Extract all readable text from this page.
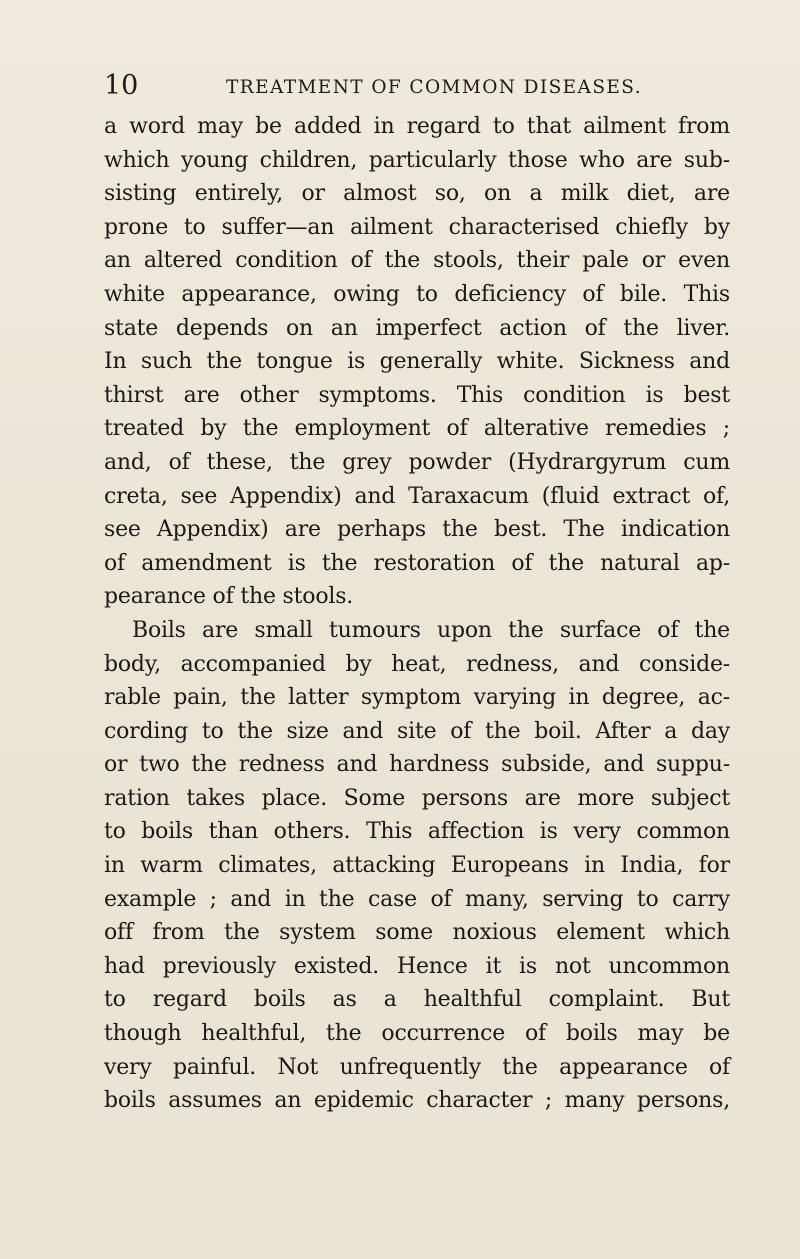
10	TREATMENT OF COMMON DISEASES.
a word may be added in regard to that ailment from
which young children, particularly those who are sub-
sisting entirely, or almost so, on a milk diet, are
prone to suffer—an ailment characterised chiefly by
an altered condition of the stools, their pale or even
white appearance, owing to deficiency of bile. This
state depends on an imperfect action of the liver.
In such the tongue is generally white. Sickness and
thirst are other symptoms. This condition is best
treated by the employment of alterative remedies ;
and, of these, the grey powder (Hydrargyrum cum
creta, see Appendix) and Taraxacum (fluid extract of,
see Appendix) are perhaps the best. The indication
of amendment is the restoration of the natural ap-
pearance of the stools.
Boils are small tumours upon the surface of the
body, accompanied by heat, redness, and conside-
rable pain, the latter symptom varying in degree, ac-
cording to the size and site of the boil. After a day
or two the redness and hardness subside, and suppu-
ration takes place. Some persons are more subject
to boils than others. This affection is very common
in warm climates, attacking Europeans in India, for
example ; and in the case of many, serving to carry
off from the system some noxious element which
had previously existed. Hence it is not uncommon
to regard boils as a healthful complaint. But
though healthful, the occurrence of boils may be
very painful. Not unfrequently the appearance of
boils assumes an epidemic character ; many persons,
